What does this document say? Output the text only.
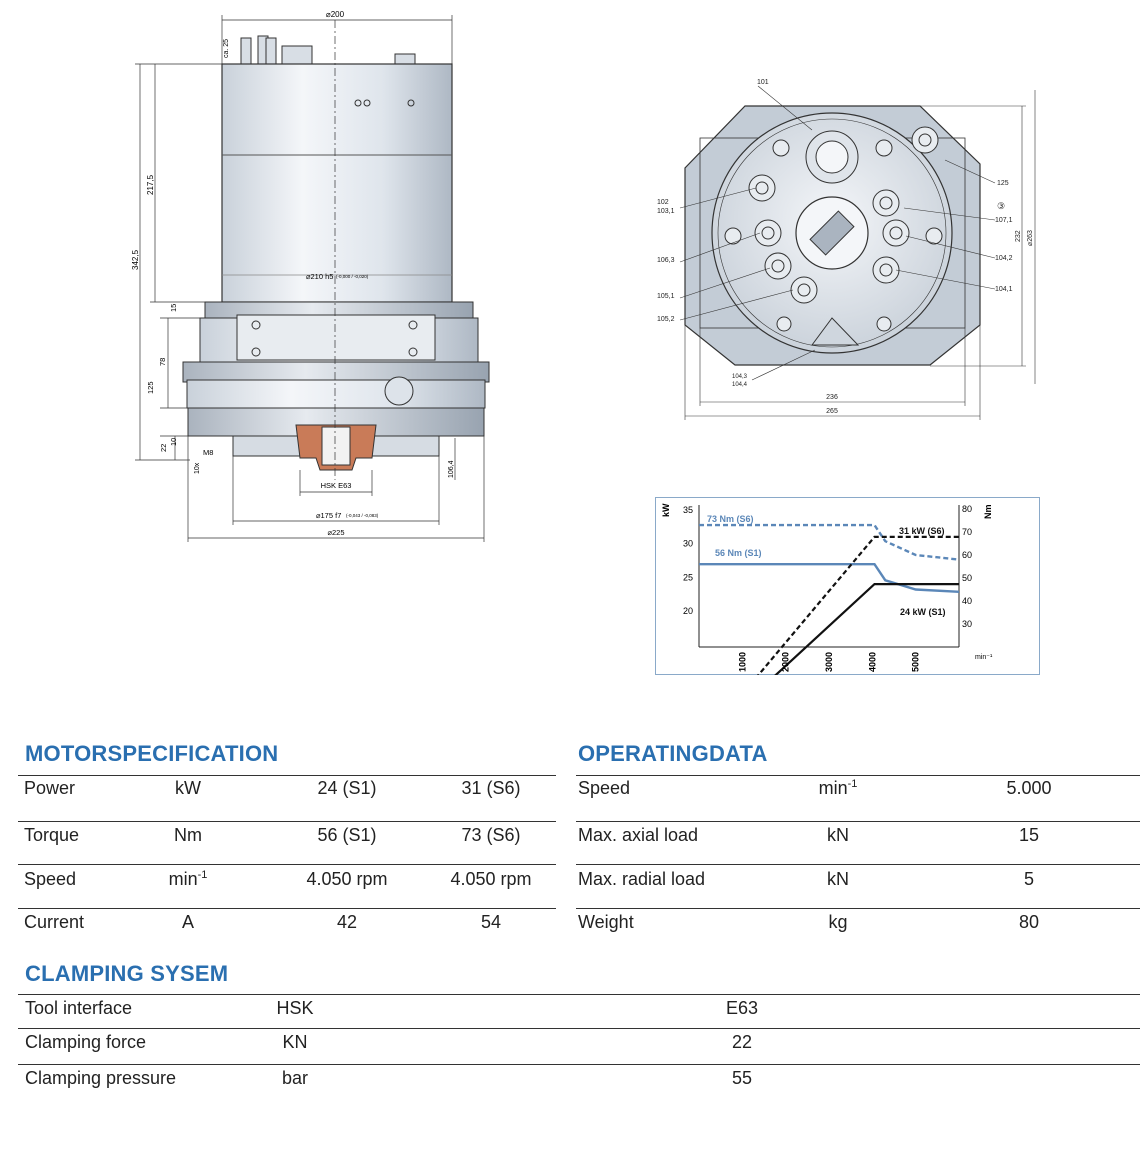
⌀200
ca. 25
217,5
342,5
⌀210 h5 (-0,000 / -0,020)
15
78
125
10
22
10x
M8
HSK E63
106,4
⌀175 f7 (-0,043 / -0,083)
⌀225
101
125
③
107,1
102
103,1
106,3	104,2
104,1
105,1
105,2
104,3
104,4
232 ⌀263
236
265
20
25
30
35
30
40
50
60
70
80
1000	2000	3000	4000	5000
kW	Nm
min⁻¹
73 Nm (S6)
56 Nm (S1)
31 kW (S6)
24 kW (S1)
MOTORSPECIFICATION
Power	kW	24 (S1)	31 (S6)
Torque	Nm	56 (S1)	73 (S6)
Speed	$\min^{-1}$	4.050 rpm	4.050 rpm
Current	A	42	54
OPERATINGDATA
Speed	$\min^{-1}$	5.000
Max. axial load	kN	15
Max. radial load	kN	5
Weight	kg	80
CLAMPING SYSEM
Tool interface	HSK	E63
Clamping force	KN	22
Clamping pressure	bar	55
